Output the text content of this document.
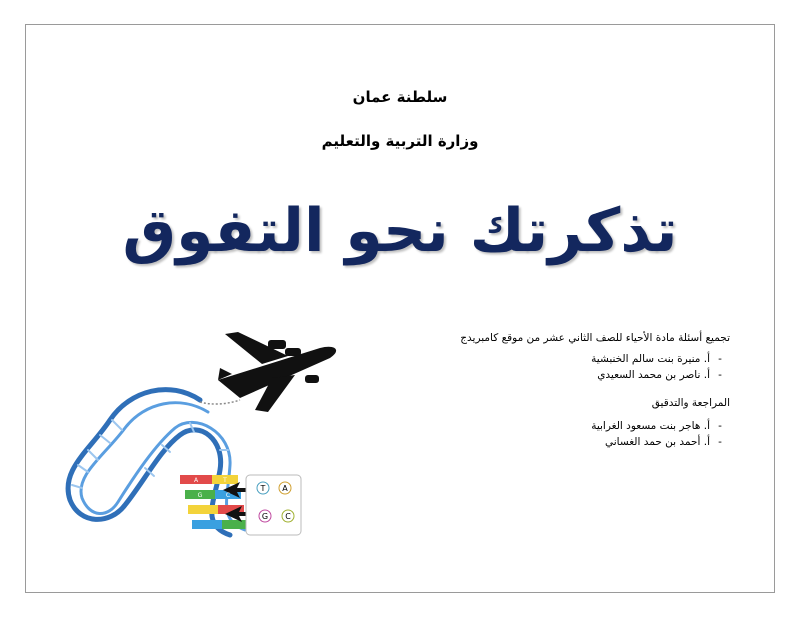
سلطنة عمان
وزارة التربية والتعليم
تذكرتك نحو التفوق
تجميع أسئلة مادة الأحياء للصف الثاني عشر من موقع كامبريدج
-أ. منيرة بنت سالم الخنبشية
-أ. ناصر بن محمد السعيدي
المراجعة والتدقيق
-أ. هاجر بنت مسعود الغرابية
-أ. أحمد بن حمد الغساني
T A
G C
A	T
G	C
